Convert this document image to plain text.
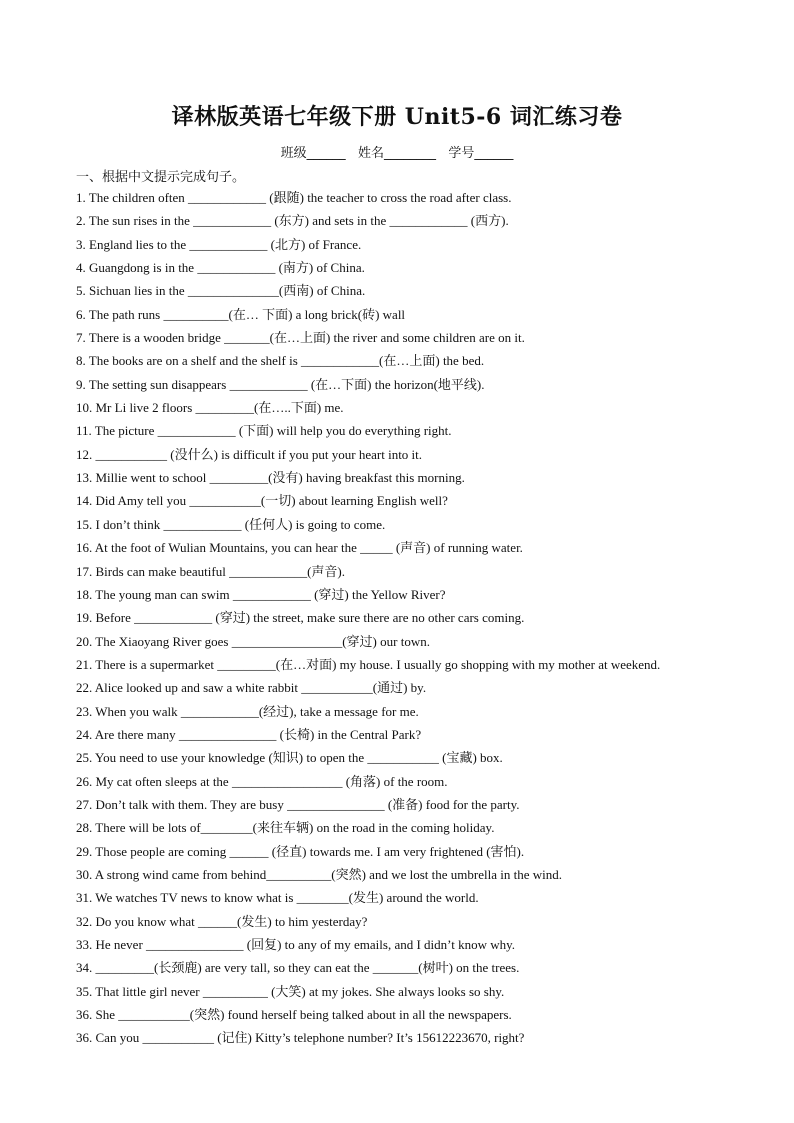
译林版英语七年级下册 Unit5-6 词汇练习卷
班级______ 姓名________ 学号______
一、根据中文提示完成句子。
1. The children often ____________ (跟随) the teacher to cross the road after class.
2. The sun rises in the ____________ (东方) and sets in the ____________ (西方).
3. England lies to the ____________ (北方) of France.
4. Guangdong is in the ____________ (南方) of China.
5. Sichuan lies in the ______________(西南) of China.
6. The path runs __________(在… 下面) a long brick(砖) wall
7. There is a wooden bridge _______(在…上面) the river and some children are on it.
8. The books are on a shelf and the shelf is ____________(在…上面) the bed.
9. The setting sun disappears ____________ (在…下面) the horizon(地平线).
10. Mr Li live 2 floors _________(在…..下面) me.
11. The picture ____________ (下面) will help you do everything right.
12. ___________ (没什么) is difficult if you put your heart into it.
13. Millie went to school _________(没有) having breakfast this morning.
14. Did Amy tell you ___________(一切) about learning English well?
15. I don’t think ____________ (任何人) is going to come.
16. At the foot of Wulian Mountains, you can hear the _____ (声音) of running water.
17. Birds can make beautiful ____________(声音).
18. The young man can swim ____________ (穿过) the Yellow River?
19. Before ____________ (穿过) the street, make sure there are no other cars coming.
20. The Xiaoyang River goes _________________(穿过) our town.
21. There is a supermarket _________(在…对面) my house. I usually go shopping with my mother at weekend.
22. Alice looked up and saw a white rabbit ___________(通过) by.
23. When you walk ____________(经过), take a message for me.
24. Are there many _______________ (长椅) in the Central Park?
25. You need to use your knowledge (知识) to open the ___________ (宝藏) box.
26. My cat often sleeps at the _________________ (角落) of the room.
27. Don’t talk with them. They are busy _______________ (准备) food for the party.
28. There will be lots of________(来往车辆) on the road in the coming holiday.
29. Those people are coming ______ (径直) towards me. I am very frightened (害怕).
30. A strong wind came from behind__________(突然) and we lost the umbrella in the wind.
31. We watches TV news to know what is ________(发生) around the world.
32. Do you know what ______(发生) to him yesterday?
33. He never _______________ (回复) to any of my emails, and I didn’t know why.
34. _________(长颈鹿) are very tall, so they can eat the _______(树叶) on the trees.
35. That little girl never __________ (大笑) at my jokes. She always looks so shy.
36. She ___________(突然) found herself being talked about in all the newspapers.
36. Can you ___________ (记住) Kitty’s telephone number? It’s 15612223670, right?
